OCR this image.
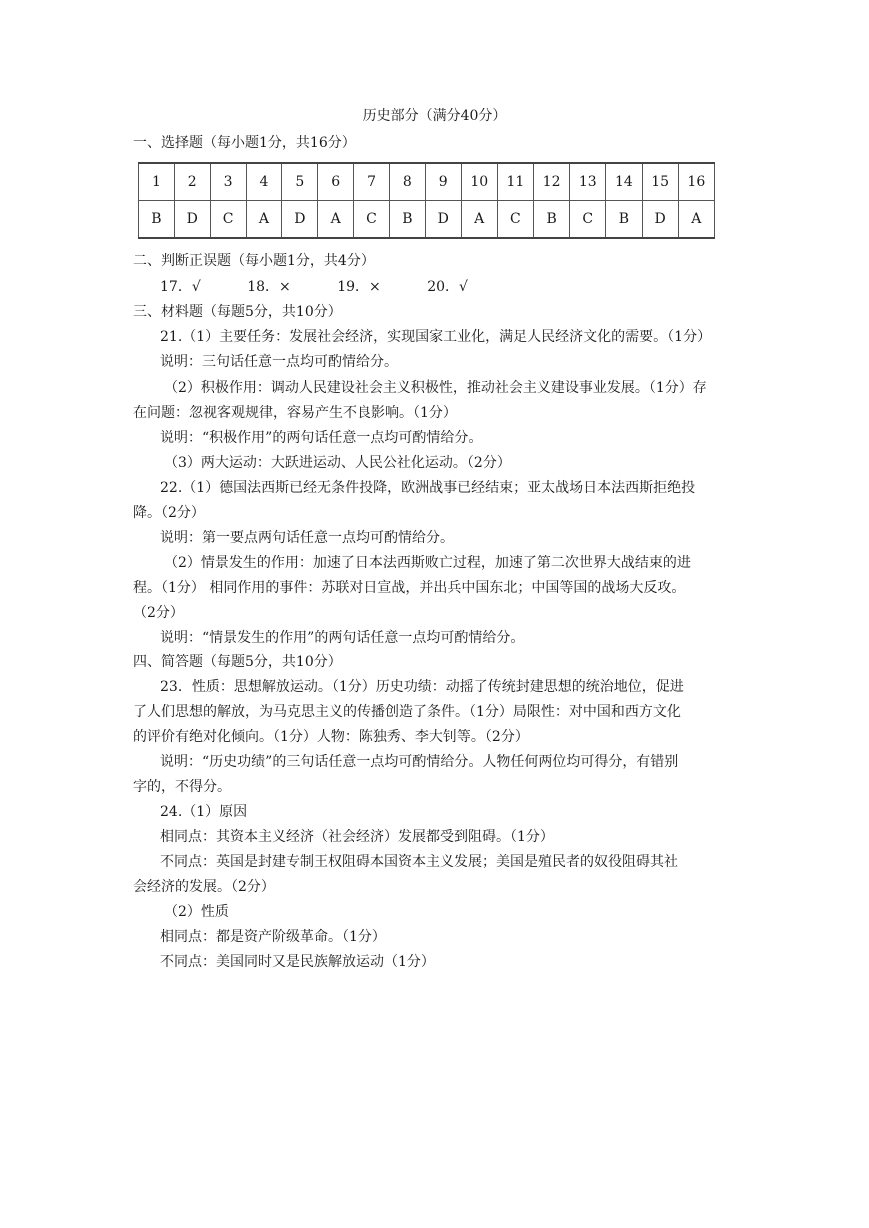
历史部分（满分40分）
一、选择题（每小题1分，共16分）
1	2	3	4	5	6	7	8	9	10	11	12	13	14	15	16
B	D	C	A	D	A	C	B	D	A	C	B	C	B	D	A
二、判断正误题（每小题1分，共4分）
17．√	18．×	19．×	20．√
三、材料题（每题5分，共10分）
21.（1）主要任务：发展社会经济，实现国家工业化，满足人民经济文化的需要。（1分）
说明：三句话任意一点均可酌情给分。
（2）积极作用：调动人民建设社会主义积极性，推动社会主义建设事业发展。（1分）存
在问题：忽视客观规律，容易产生不良影响。（1分）
说明：“积极作用”的两句话任意一点均可酌情给分。
（3）两大运动：大跃进运动、人民公社化运动。（2分）
22.（1）德国法西斯已经无条件投降，欧洲战事已经结束；亚太战场日本法西斯拒绝投
降。（2分）
说明：第一要点两句话任意一点均可酌情给分。
（2）情景发生的作用：加速了日本法西斯败亡过程，加速了第二次世界大战结束的进
程。（1分） 相同作用的事件：苏联对日宣战，并出兵中国东北；中国等国的战场大反攻。
（2分）
说明：“情景发生的作用”的两句话任意一点均可酌情给分。
四、简答题（每题5分，共10分）
23．性质：思想解放运动。（1分）历史功绩：动摇了传统封建思想的统治地位，促进
了人们思想的解放，为马克思主义的传播创造了条件。（1分）局限性：对中国和西方文化
的评价有绝对化倾向。（1分）人物：陈独秀、李大钊等。（2分）
说明：“历史功绩”的三句话任意一点均可酌情给分。人物任何两位均可得分，有错别
字的，不得分。
24.（1）原因
相同点：其资本主义经济（社会经济）发展都受到阻碍。（1分）
不同点：英国是封建专制王权阻碍本国资本主义发展；美国是殖民者的奴役阻碍其社
会经济的发展。（2分）
（2）性质
相同点：都是资产阶级革命。（1分）
不同点：美国同时又是民族解放运动（1分）
